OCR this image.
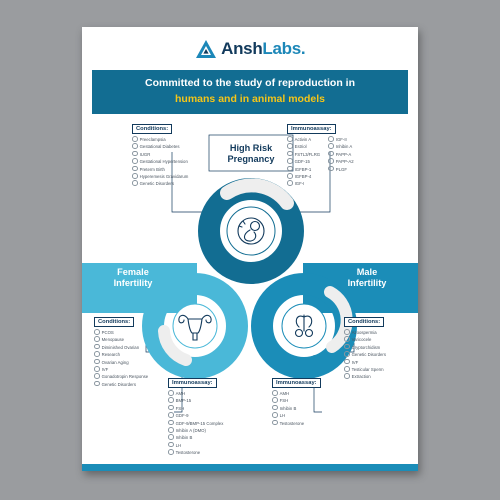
AnshLabs.
Committed to the study of reproduction in
humans and in animal models
High Risk
Pregnancy
Female
Infertility
Male
Infertility
Conditions:
Preeclampsia
Gestational Diabetes
IUGR
Gestational Hypertension
Preterm Birth
Hyperemesis Gravidarum
Genetic Disorders
Immunoassay:
Activin A
Estriol
FSTL3/FLRG
GDF-15
IGFBP-1
IGFBP-4
IGF-I
IGF-II
Inhibin A
PAPP-A
PAPP-A2
PLGF
Conditions:
PCOS
Menopause
Diminished Ovarian
Research
Ovarian Aging
IVF
Gonadotropin Response
Genetic Disorders	Immunoassay:
AMH
BMP-15
FSH
GDF-9
GDF-9/BMP-15 Complex
Inhibin A (DMO)
Inhibin B
LH
Testosterone
Conditions:
Azoospermia
Varicocele
Cryptorchidism
Genetic Disorders
IVF
Testicular Sperm
Extraction
Immunoassay:
AMH
FSH
Inhibin B
LH
Testosterone
